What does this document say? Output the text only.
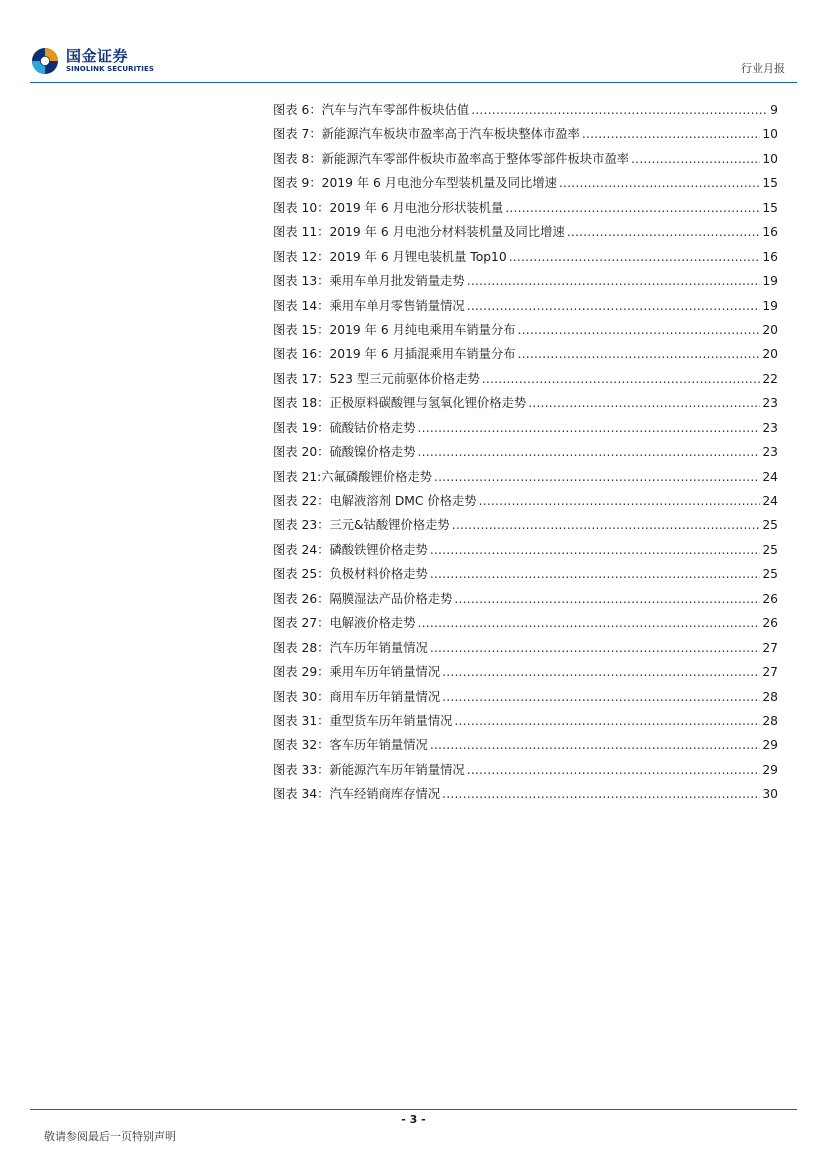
国金证券
SINOLINK SECURITIES	行业月报
图表 6：汽车与汽车零部件板块估值 .....	9
图表 7：新能源汽车板块市盈率高于汽车板块整体市盈率 .....	10
图表 8：新能源汽车零部件板块市盈率高于整体零部件板块市盈率 .....	10
图表 9：2019 年 6 月电池分车型装机量及同比增速 .....	15
图表 10：2019 年 6 月电池分形状装机量 .....	15
图表 11：2019 年 6 月电池分材料装机量及同比增速 .....	16
图表 12：2019 年 6 月锂电装机量 Top10 .....	16
图表 13：乘用车单月批发销量走势 .....	19
图表 14：乘用车单月零售销量情况 .....	19
图表 15：2019 年 6 月纯电乘用车销量分布 .....	20
图表 16：2019 年 6 月插混乘用车销量分布 .....	20
图表 17：523 型三元前驱体价格走势 .....	22
图表 18：正极原料碳酸锂与氢氧化锂价格走势 .....	23
图表 19：硫酸钴价格走势 .....	23
图表 20：硫酸镍价格走势 .....	23
图表 21:六氟磷酸锂价格走势 .....	24
图表 22：电解液溶剂 DMC 价格走势 .....	24
图表 23：三元&钴酸锂价格走势 .....	25
图表 24：磷酸铁锂价格走势 .....	25
图表 25：负极材料价格走势 .....	25
图表 26：隔膜湿法产品价格走势 .....	26
图表 27：电解液价格走势 .....	26
图表 28：汽车历年销量情况 .....	27
图表 29：乘用车历年销量情况 .....	27
图表 30：商用车历年销量情况 .....	28
图表 31：重型货车历年销量情况 .....	28
图表 32：客车历年销量情况 .....	29
图表 33：新能源汽车历年销量情况 .....	29
图表 34：汽车经销商库存情况 .....	30
- 3 -
敬请参阅最后一页特别声明
